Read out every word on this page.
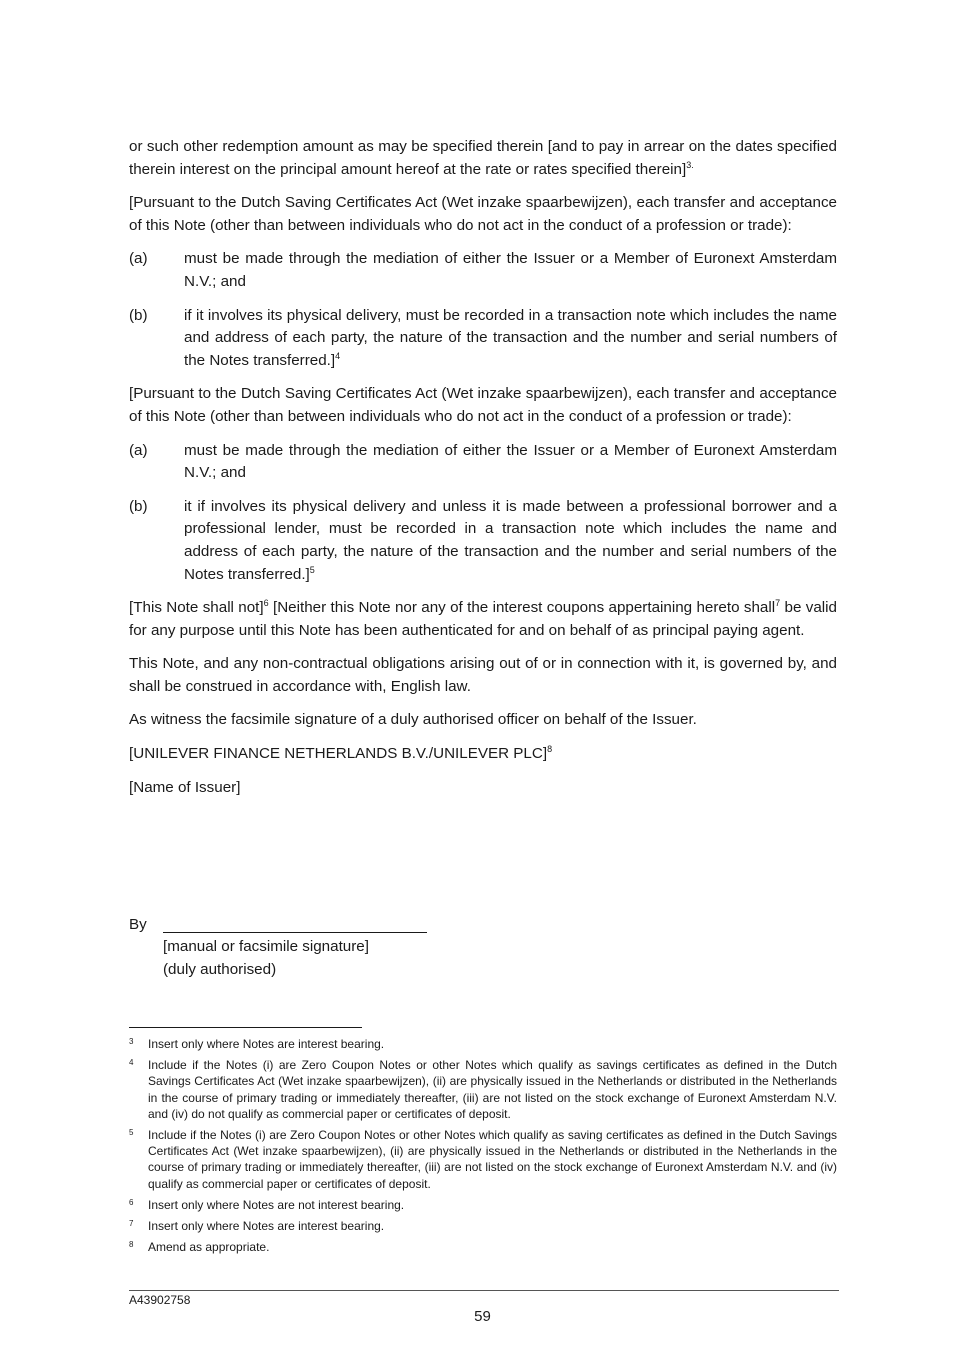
or such other redemption amount as may be specified therein [and to pay in arrear on the dates specified therein interest on the principal amount hereof at the rate or rates specified therein]$^{3.}$

[Pursuant to the Dutch Saving Certificates Act (Wet inzake spaarbewijzen), each transfer and acceptance of this Note (other than between individuals who do not act in the conduct of a profession or trade):

(a)	must be made through the mediation of either the Issuer or a Member of Euronext Amsterdam N.V.; and
(b)	if it involves its physical delivery, must be recorded in a transaction note which includes the name and address of each party, the nature of the transaction and the number and serial numbers of the Notes transferred.]$^4$

[Pursuant to the Dutch Saving Certificates Act (Wet inzake spaarbewijzen), each transfer and acceptance of this Note (other than between individuals who do not act in the conduct of a profession or trade):

(a)	must be made through the mediation of either the Issuer or a Member of Euronext Amsterdam N.V.; and
(b)	it if involves its physical delivery and unless it is made between a professional borrower and a professional lender, must be recorded in a transaction note which includes the name and address of each party, the nature of the transaction and the number and serial numbers of the Notes transferred.]$^5$

[This Note shall not]$^6$ [Neither this Note nor any of the interest coupons appertaining hereto shall$^7$ be valid for any purpose until this Note has been authenticated for and on behalf of as principal paying agent.

This Note, and any non-contractual obligations arising out of or in connection with it, is governed by, and shall be construed in accordance with, English law.

As witness the facsimile signature of a duly authorised officer on behalf of the Issuer.

[UNILEVER FINANCE NETHERLANDS B.V./UNILEVER PLC]$^8$

[Name of Issuer]

By
[manual or facsimile signature]
(duly authorised)
3	Insert only where Notes are interest bearing.
4	Include if the Notes (i) are Zero Coupon Notes or other Notes which qualify as savings certificates as defined in the Dutch Savings Certificates Act (Wet inzake spaarbewijzen), (ii) are physically issued in the Netherlands or distributed in the Netherlands in the course of primary trading or immediately thereafter, (iii) are not listed on the stock exchange of Euronext Amsterdam N.V. and (iv) do not qualify as commercial paper or certificates of deposit.
5	Include if the Notes (i) are Zero Coupon Notes or other Notes which qualify as saving certificates as defined in the Dutch Savings Certificates Act (Wet inzake spaarbewijzen), (ii) are physically issued in the Netherlands or distributed in the Netherlands in the course of primary trading or immediately thereafter, (iii) are not listed on the stock exchange of Euronext Amsterdam N.V. and (iv) qualify as commercial paper or certificates of deposit.
6	Insert only where Notes are not interest bearing.
7	Insert only where Notes are interest bearing.
8	Amend as appropriate.
A43902758
59
